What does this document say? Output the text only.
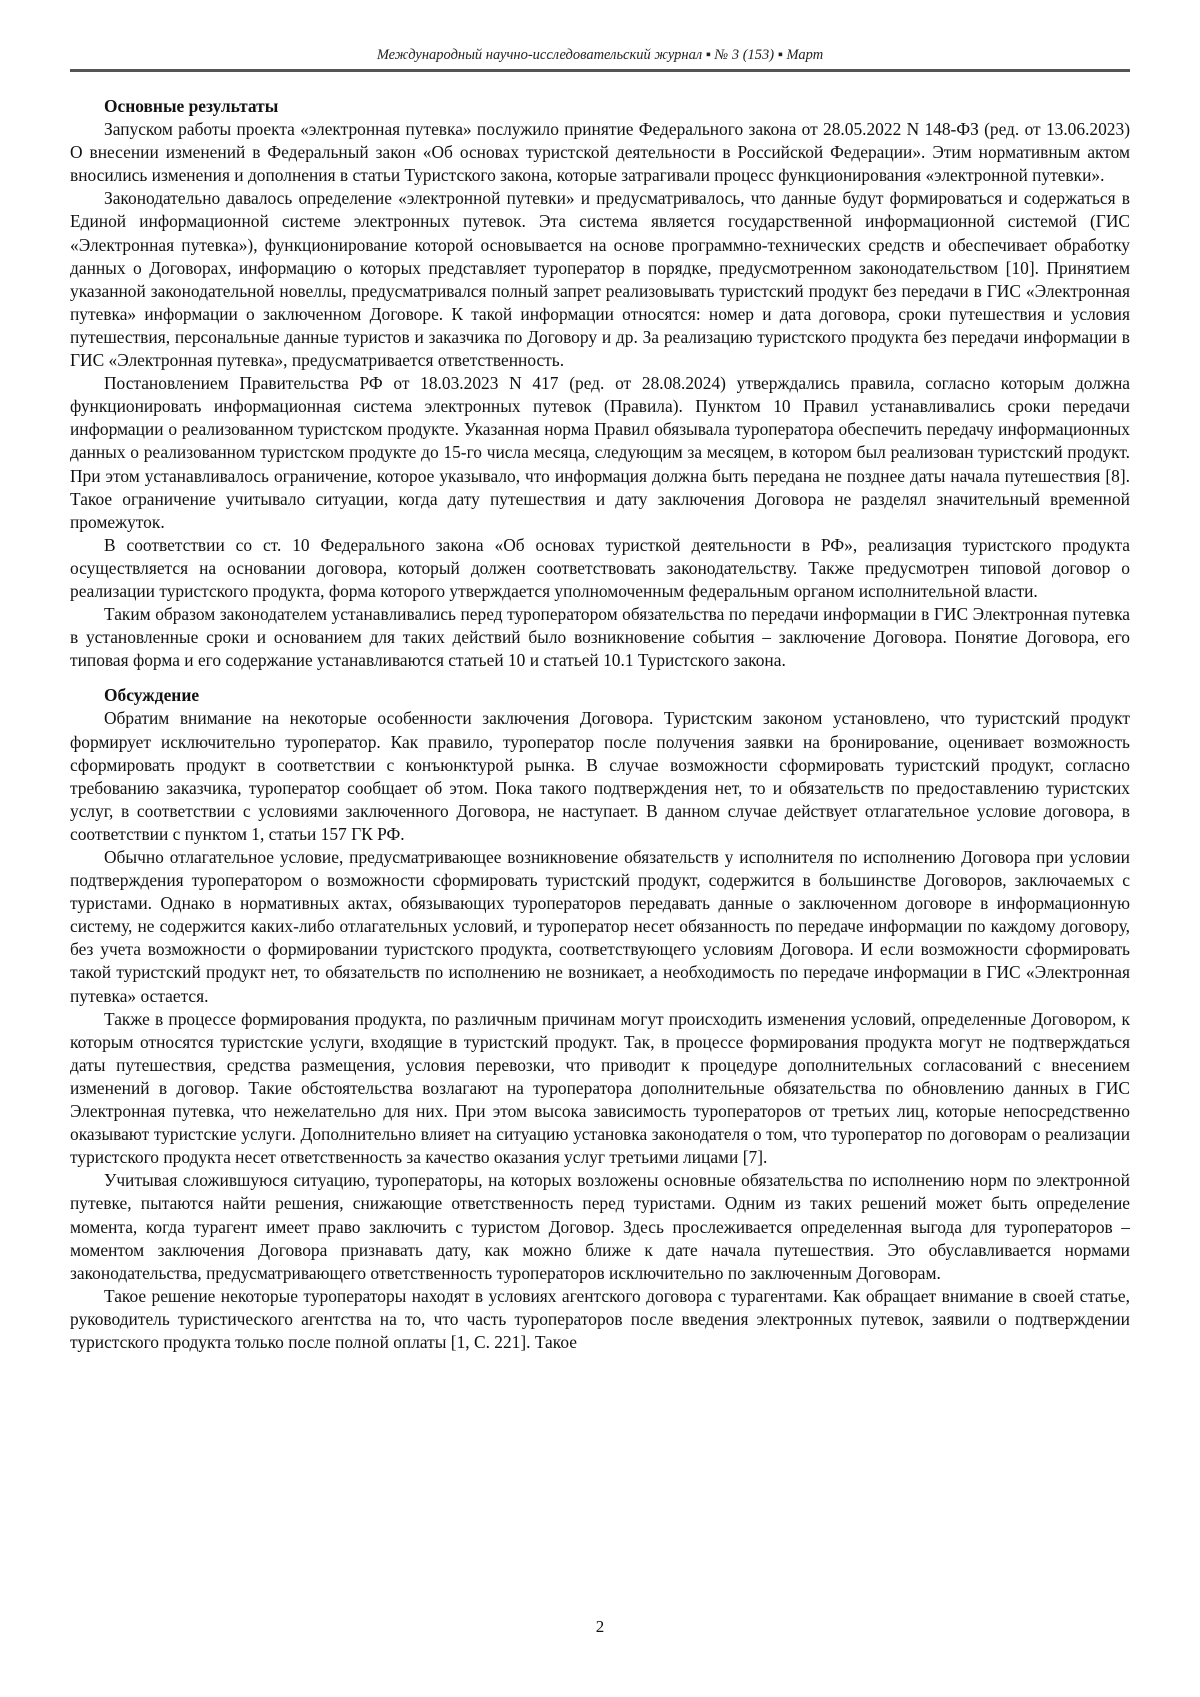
Международный научно-исследовательский журнал ▪ № 3 (153) ▪ Март

Основные результаты

Запуском работы проекта «электронная путевка» послужило принятие Федерального закона от 28.05.2022 N 148-ФЗ (ред. от 13.06.2023) О внесении изменений в Федеральный закон «Об основах туристской деятельности в Российской Федерации». Этим нормативным актом вносились изменения и дополнения в статьи Туристского закона, которые затрагивали процесс функционирования «электронной путевки».

Законодательно давалось определение «электронной путевки» и предусматривалось, что данные будут формироваться и содержаться в Единой информационной системе электронных путевок. Эта система является государственной информационной системой (ГИС «Электронная путевка»), функционирование которой основывается на основе программно-технических средств и обеспечивает обработку данных о Договорах, информацию о которых представляет туроператор в порядке, предусмотренном законодательством [10]. Принятием указанной законодательной новеллы, предусматривался полный запрет реализовывать туристский продукт без передачи в ГИС «Электронная путевка» информации о заключенном Договоре. К такой информации относятся: номер и дата договора, сроки путешествия и условия путешествия, персональные данные туристов и заказчика по Договору и др. За реализацию туристского продукта без передачи информации в ГИС «Электронная путевка», предусматривается ответственность.

Постановлением Правительства РФ от 18.03.2023 N 417 (ред. от 28.08.2024) утверждались правила, согласно которым должна функционировать информационная система электронных путевок (Правила). Пунктом 10 Правил устанавливались сроки передачи информации о реализованном туристском продукте. Указанная норма Правил обязывала туроператора обеспечить передачу информационных данных о реализованном туристском продукте до 15-го числа месяца, следующим за месяцем, в котором был реализован туристский продукт. При этом устанавливалось ограничение, которое указывало, что информация должна быть передана не позднее даты начала путешествия [8]. Такое ограничение учитывало ситуации, когда дату путешествия и дату заключения Договора не разделял значительный временной промежуток.

В соответствии со ст. 10 Федерального закона «Об основах туристкой деятельности в РФ», реализация туристского продукта осуществляется на основании договора, который должен соответствовать законодательству. Также предусмотрен типовой договор о реализации туристского продукта, форма которого утверждается уполномоченным федеральным органом исполнительной власти.

Таким образом законодателем устанавливались перед туроператором обязательства по передачи информации в ГИС Электронная путевка в установленные сроки и основанием для таких действий было возникновение события – заключение Договора. Понятие Договора, его типовая форма и его содержание устанавливаются статьей 10 и статьей 10.1 Туристского закона.

Обсуждение

Обратим внимание на некоторые особенности заключения Договора. Туристским законом установлено, что туристский продукт формирует исключительно туроператор. Как правило, туроператор после получения заявки на бронирование, оценивает возможность сформировать продукт в соответствии с конъюнктурой рынка. В случае возможности сформировать туристский продукт, согласно требованию заказчика, туроператор сообщает об этом. Пока такого подтверждения нет, то и обязательств по предоставлению туристских услуг, в соответствии с условиями заключенного Договора, не наступает. В данном случае действует отлагательное условие договора, в соответствии с пунктом 1, статьи 157 ГК РФ.

Обычно отлагательное условие, предусматривающее возникновение обязательств у исполнителя по исполнению Договора при условии подтверждения туроператором о возможности сформировать туристский продукт, содержится в большинстве Договоров, заключаемых с туристами. Однако в нормативных актах, обязывающих туроператоров передавать данные о заключенном договоре в информационную систему, не содержится каких-либо отлагательных условий, и туроператор несет обязанность по передаче информации по каждому договору, без учета возможности о формировании туристского продукта, соответствующего условиям Договора. И если возможности сформировать такой туристский продукт нет, то обязательств по исполнению не возникает, а необходимость по передаче информации в ГИС «Электронная путевка» остается.

Также в процессе формирования продукта, по различным причинам могут происходить изменения условий, определенные Договором, к которым относятся туристские услуги, входящие в туристский продукт. Так, в процессе формирования продукта могут не подтверждаться даты путешествия, средства размещения, условия перевозки, что приводит к процедуре дополнительных согласований с внесением изменений в договор. Такие обстоятельства возлагают на туроператора дополнительные обязательства по обновлению данных в ГИС Электронная путевка, что нежелательно для них. При этом высока зависимость туроператоров от третьих лиц, которые непосредственно оказывают туристские услуги. Дополнительно влияет на ситуацию установка законодателя о том, что туроператор по договорам о реализации туристского продукта несет ответственность за качество оказания услуг третьими лицами [7].

Учитывая сложившуюся ситуацию, туроператоры, на которых возложены основные обязательства по исполнению норм по электронной путевке, пытаются найти решения, снижающие ответственность перед туристами. Одним из таких решений может быть определение момента, когда турагент имеет право заключить с туристом Договор. Здесь прослеживается определенная выгода для туроператоров – моментом заключения Договора признавать дату, как можно ближе к дате начала путешествия. Это обуславливается нормами законодательства, предусматривающего ответственность туроператоров исключительно по заключенным Договорам.

Такое решение некоторые туроператоры находят в условиях агентского договора с турагентами. Как обращает внимание в своей статье, руководитель туристического агентства на то, что часть туроператоров после введения электронных путевок, заявили о подтверждении туристского продукта только после полной оплаты [1, С. 221]. Такое

2
